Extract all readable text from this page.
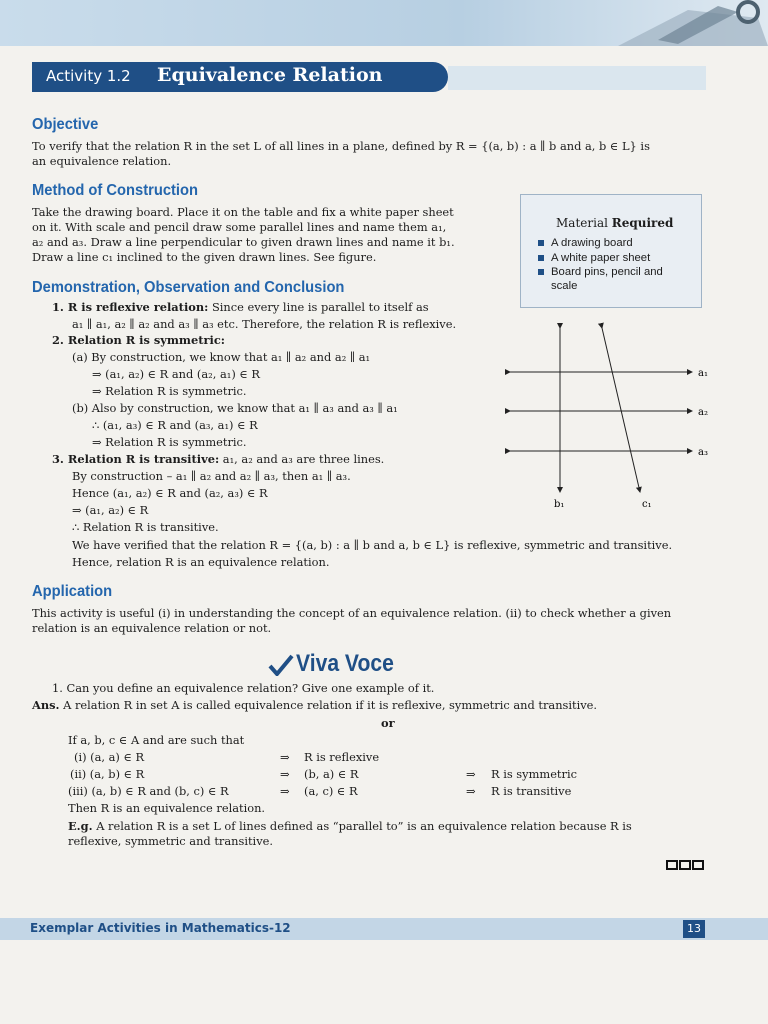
Activity 1.2 Equivalence Relation
Objective
To verify that the relation R in the set L of all lines in a plane, defined by R = {(a, b) : a ∥ b and a, b ∈ L} is
an equivalence relation.
Method of Construction
Take the drawing board. Place it on the table and fix a white paper sheet
on it. With scale and pencil draw some parallel lines and name them a₁,
a₂ and a₃. Draw a line perpendicular to given drawn lines and name it b₁.
Draw a line c₁ inclined to the given drawn lines. See figure.
Material Required
A drawing board
A white paper sheet
Board pins, pencil and
scale
Demonstration, Observation and Conclusion
1. R is reflexive relation: Since every line is parallel to itself as
a₁ ∥ a₁, a₂ ∥ a₂ and a₃ ∥ a₃ etc. Therefore, the relation R is reflexive.
2. Relation R is symmetric:
(a) By construction, we know that a₁ ∥ a₂ and a₂ ∥ a₁
⇒ (a₁, a₂) ∈ R and (a₂, a₁) ∈ R
⇒ Relation R is symmetric.
(b) Also by construction, we know that a₁ ∥ a₃ and a₃ ∥ a₁
∴ (a₁, a₃) ∈ R and (a₃, a₁) ∈ R
⇒ Relation R is symmetric.
3. Relation R is transitive: a₁, a₂ and a₃ are three lines.
By construction – a₁ ∥ a₂ and a₂ ∥ a₃, then a₁ ∥ a₃.
Hence (a₁, a₂) ∈ R and (a₂, a₃) ∈ R
⇒ (a₁, a₂) ∈ R
∴ Relation R is transitive.
We have verified that the relation R = {(a, b) : a ∥ b and a, b ∈ L} is reflexive, symmetric and transitive.
Hence, relation R is an equivalence relation.
a₁
a₂
a₃
b₁	c₁
Application
This activity is useful (i) in understanding the concept of an equivalence relation. (ii) to check whether a given
relation is an equivalence relation or not.
Viva Voce
1. Can you define an equivalence relation? Give one example of it.
Ans. A relation R in set A is called equivalence relation if it is reflexive, symmetric and transitive.
or
If a, b, c ∈ A and are such that
(i) (a, a) ∈ R	⇒ R is reflexive
(ii) (a, b) ∈ R	⇒ (b, a) ∈ R	⇒ R is symmetric
(iii) (a, b) ∈ R and (b, c) ∈ R	⇒ (a, c) ∈ R	⇒ R is transitive
Then R is an equivalence relation.
E.g. A relation R is a set L of lines defined as “parallel to” is an equivalence relation because R is
reflexive, symmetric and transitive.
Exemplar Activities in Mathematics-12	13
